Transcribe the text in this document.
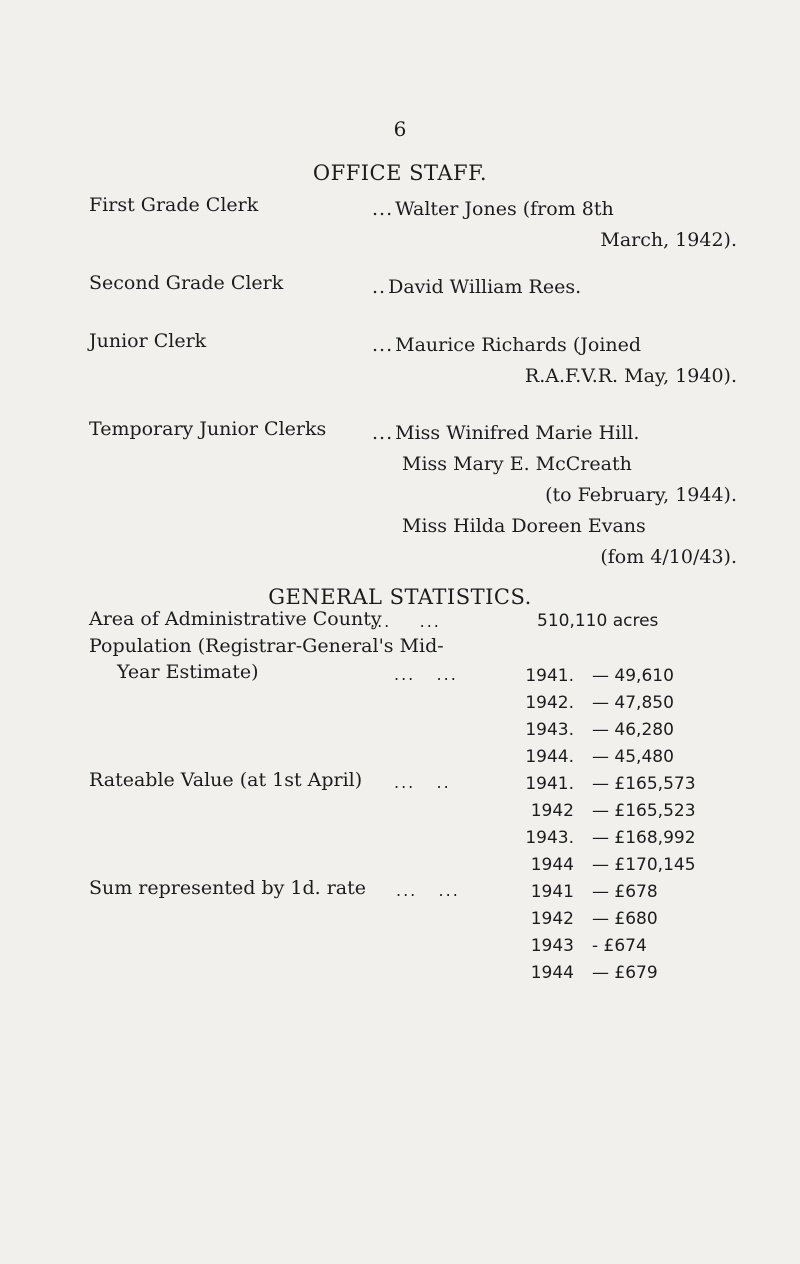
6
OFFICE STAFF.
First Grade Clerk	... Walter Jones (from 8th
March, 1942).
Second Grade Clerk	.. David William Rees.
Junior Clerk	... Maurice Richards (Joined
R.A.F.V.R. May, 1940).
Temporary Junior Clerks ... Miss Winifred Marie Hill.
Miss Mary E. McCreath
(to February, 1944).
Miss Hilda Doreen Evans
(fom 4/10/43).
GENERAL STATISTICS.
Area of Administrative County
...    ...	510,110 acres
Population (Registrar-General's Mid-
Year Estimate)	...   ...	1941. — 49,610
1942. — 47,850
1943. — 46,280
1944. — 45,480
Rateable Value (at 1st April) ...   ..	1941. — £165,573
1942 — £165,523
1943. — £168,992
1944 — £170,145
Sum represented by 1d. rate ...   ...	1941 — £678
1942 — £680
1943 - £674
1944 — £679
